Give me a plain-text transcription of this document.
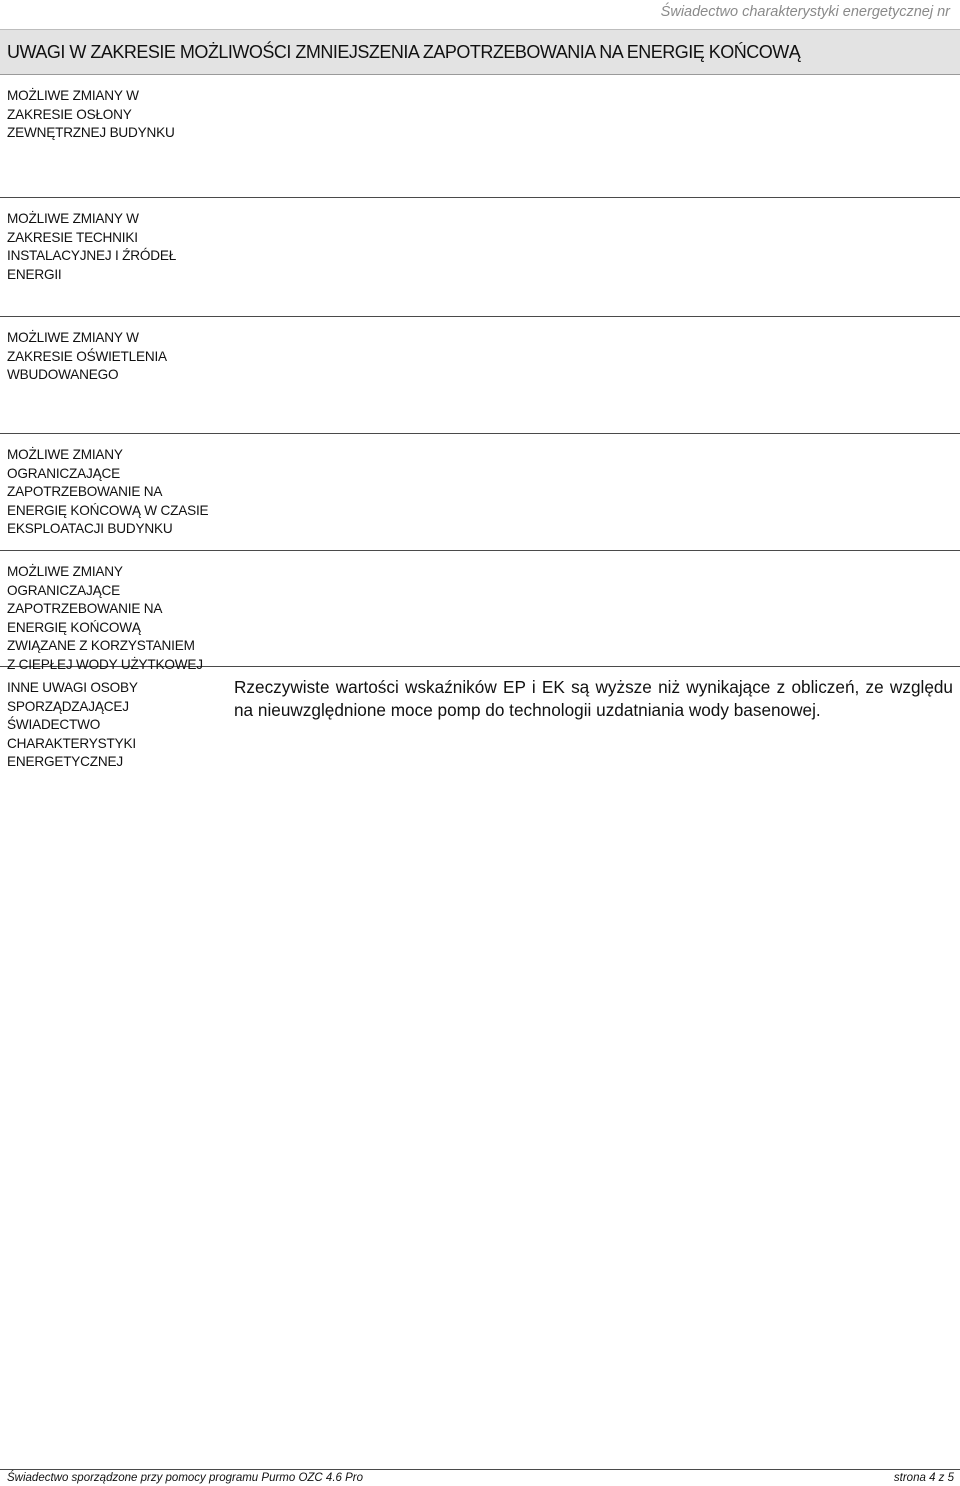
Świadectwo charakterystyki energetycznej nr
UWAGI W ZAKRESIE MOŻLIWOŚCI ZMNIEJSZENIA ZAPOTRZEBOWANIA NA ENERGIĘ KOŃCOWĄ
MOŻLIWE ZMIANY W
ZAKRESIE OSŁONY
ZEWNĘTRZNEJ BUDYNKU
MOŻLIWE ZMIANY W
ZAKRESIE TECHNIKI
INSTALACYJNEJ I ŹRÓDEŁ
ENERGII
MOŻLIWE ZMIANY W
ZAKRESIE OŚWIETLENIA
WBUDOWANEGO
MOŻLIWE ZMIANY
OGRANICZAJĄCE
ZAPOTRZEBOWANIE NA
ENERGIĘ KOŃCOWĄ W CZASIE
EKSPLOATACJI BUDYNKU
MOŻLIWE ZMIANY
OGRANICZAJĄCE
ZAPOTRZEBOWANIE NA
ENERGIĘ KOŃCOWĄ
ZWIĄZANE Z KORZYSTANIEM
Z CIEPŁEJ WODY UŻYTKOWEJ
INNE UWAGI OSOBY
SPORZĄDZAJĄCEJ
ŚWIADECTWO
CHARAKTERYSTYKI
ENERGETYCZNEJ
Rzeczywiste wartości wskaźników EP i EK są wyższe niż wynikające z obliczeń, ze względu na nieuwzględnione moce pomp do technologii uzdatniania wody basenowej.
Świadectwo sporządzone przy pomocy programu Purmo OZC 4.6 Pro	strona 4 z 5
